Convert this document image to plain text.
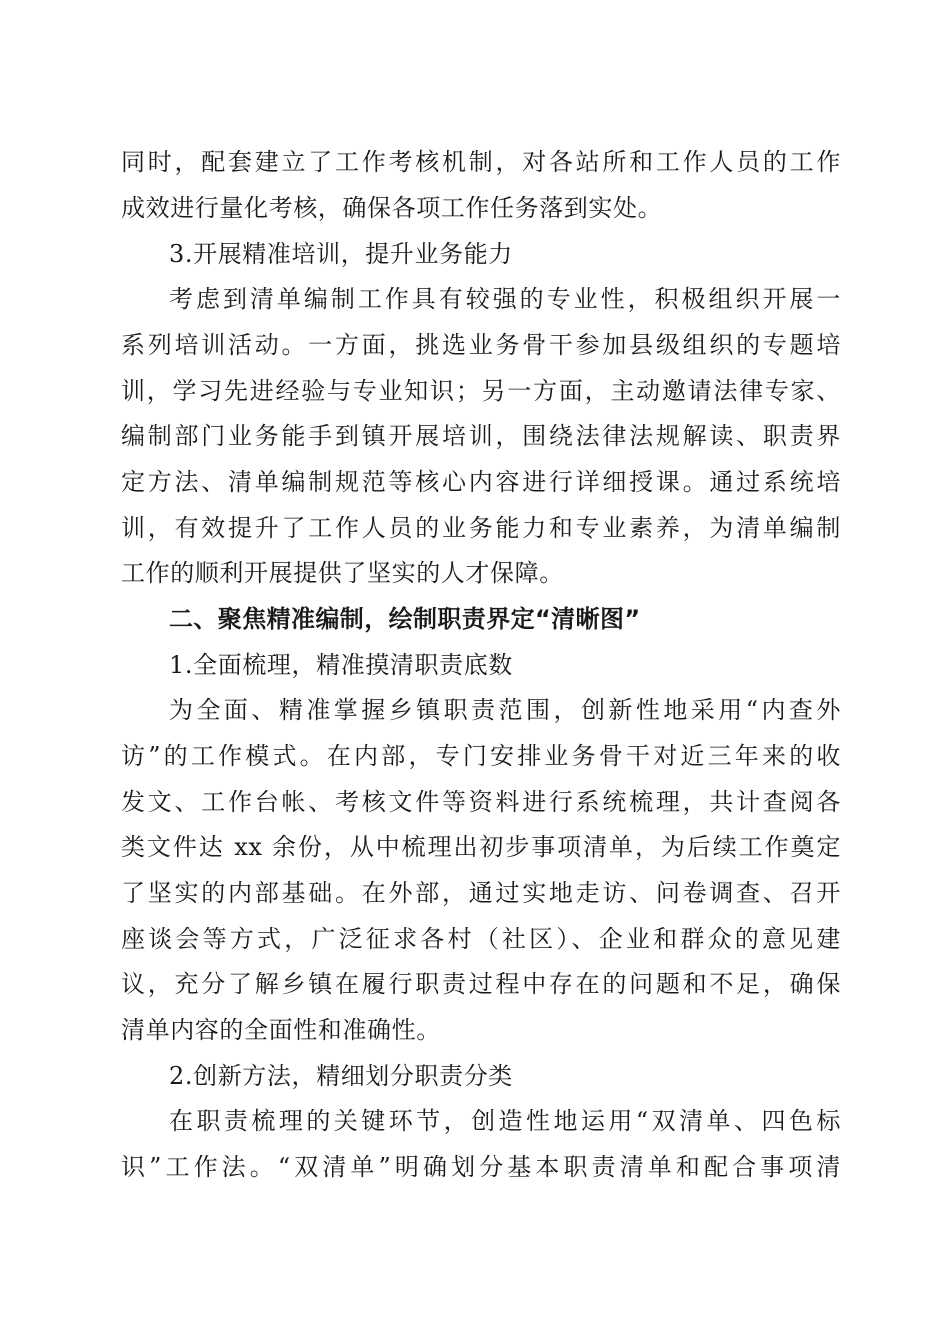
同时，配套建立了工作考核机制，对各站所和工作人员的工作
成效进行量化考核，确保各项工作任务落到实处。
3.开展精准培训，提升业务能力
考虑到清单编制工作具有较强的专业性，积极组织开展一
系列培训活动。一方面，挑选业务骨干参加县级组织的专题培
训，学习先进经验与专业知识；另一方面，主动邀请法律专家、
编制部门业务能手到镇开展培训，围绕法律法规解读、职责界
定方法、清单编制规范等核心内容进行详细授课。通过系统培
训，有效提升了工作人员的业务能力和专业素养，为清单编制
工作的顺利开展提供了坚实的人才保障。
二、聚焦精准编制，绘制职责界定“清晰图”
1.全面梳理，精准摸清职责底数
为全面、精准掌握乡镇职责范围，创新性地采用“内查外
访”的工作模式。在内部，专门安排业务骨干对近三年来的收
发文、工作台帐、考核文件等资料进行系统梳理，共计查阅各
类文件达 xx 余份，从中梳理出初步事项清单，为后续工作奠定
了坚实的内部基础。在外部，通过实地走访、问卷调查、召开
座谈会等方式，广泛征求各村（社区）、企业和群众的意见建
议，充分了解乡镇在履行职责过程中存在的问题和不足，确保
清单内容的全面性和准确性。
2.创新方法，精细划分职责分类
在职责梳理的关键环节，创造性地运用“双清单、四色标
识”工作法。“双清单”明确划分基本职责清单和配合事项清
